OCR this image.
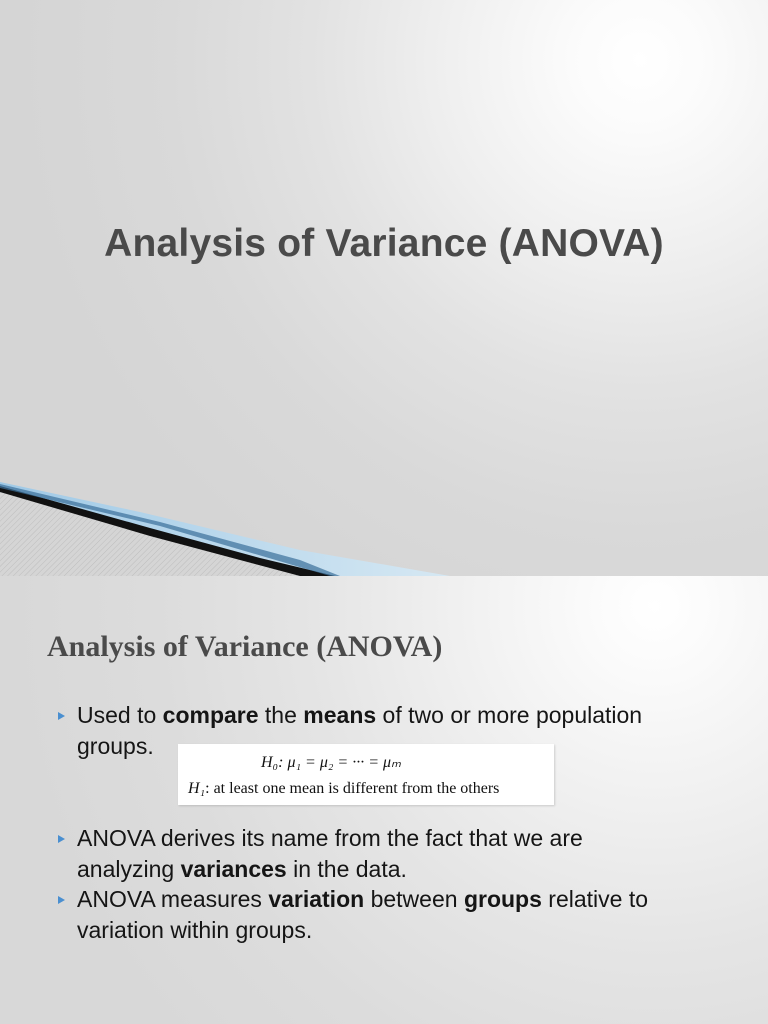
Analysis of Variance (ANOVA)
Analysis of Variance (ANOVA)
Used to compare the means of two or more population
groups.
H₀: μ₁ = μ₂ = ··· = μₘ
H₁: at least one mean is different from the others
ANOVA derives its name from the fact that we are
analyzing variances in the data.
ANOVA measures variation between groups relative to
variation within groups.
